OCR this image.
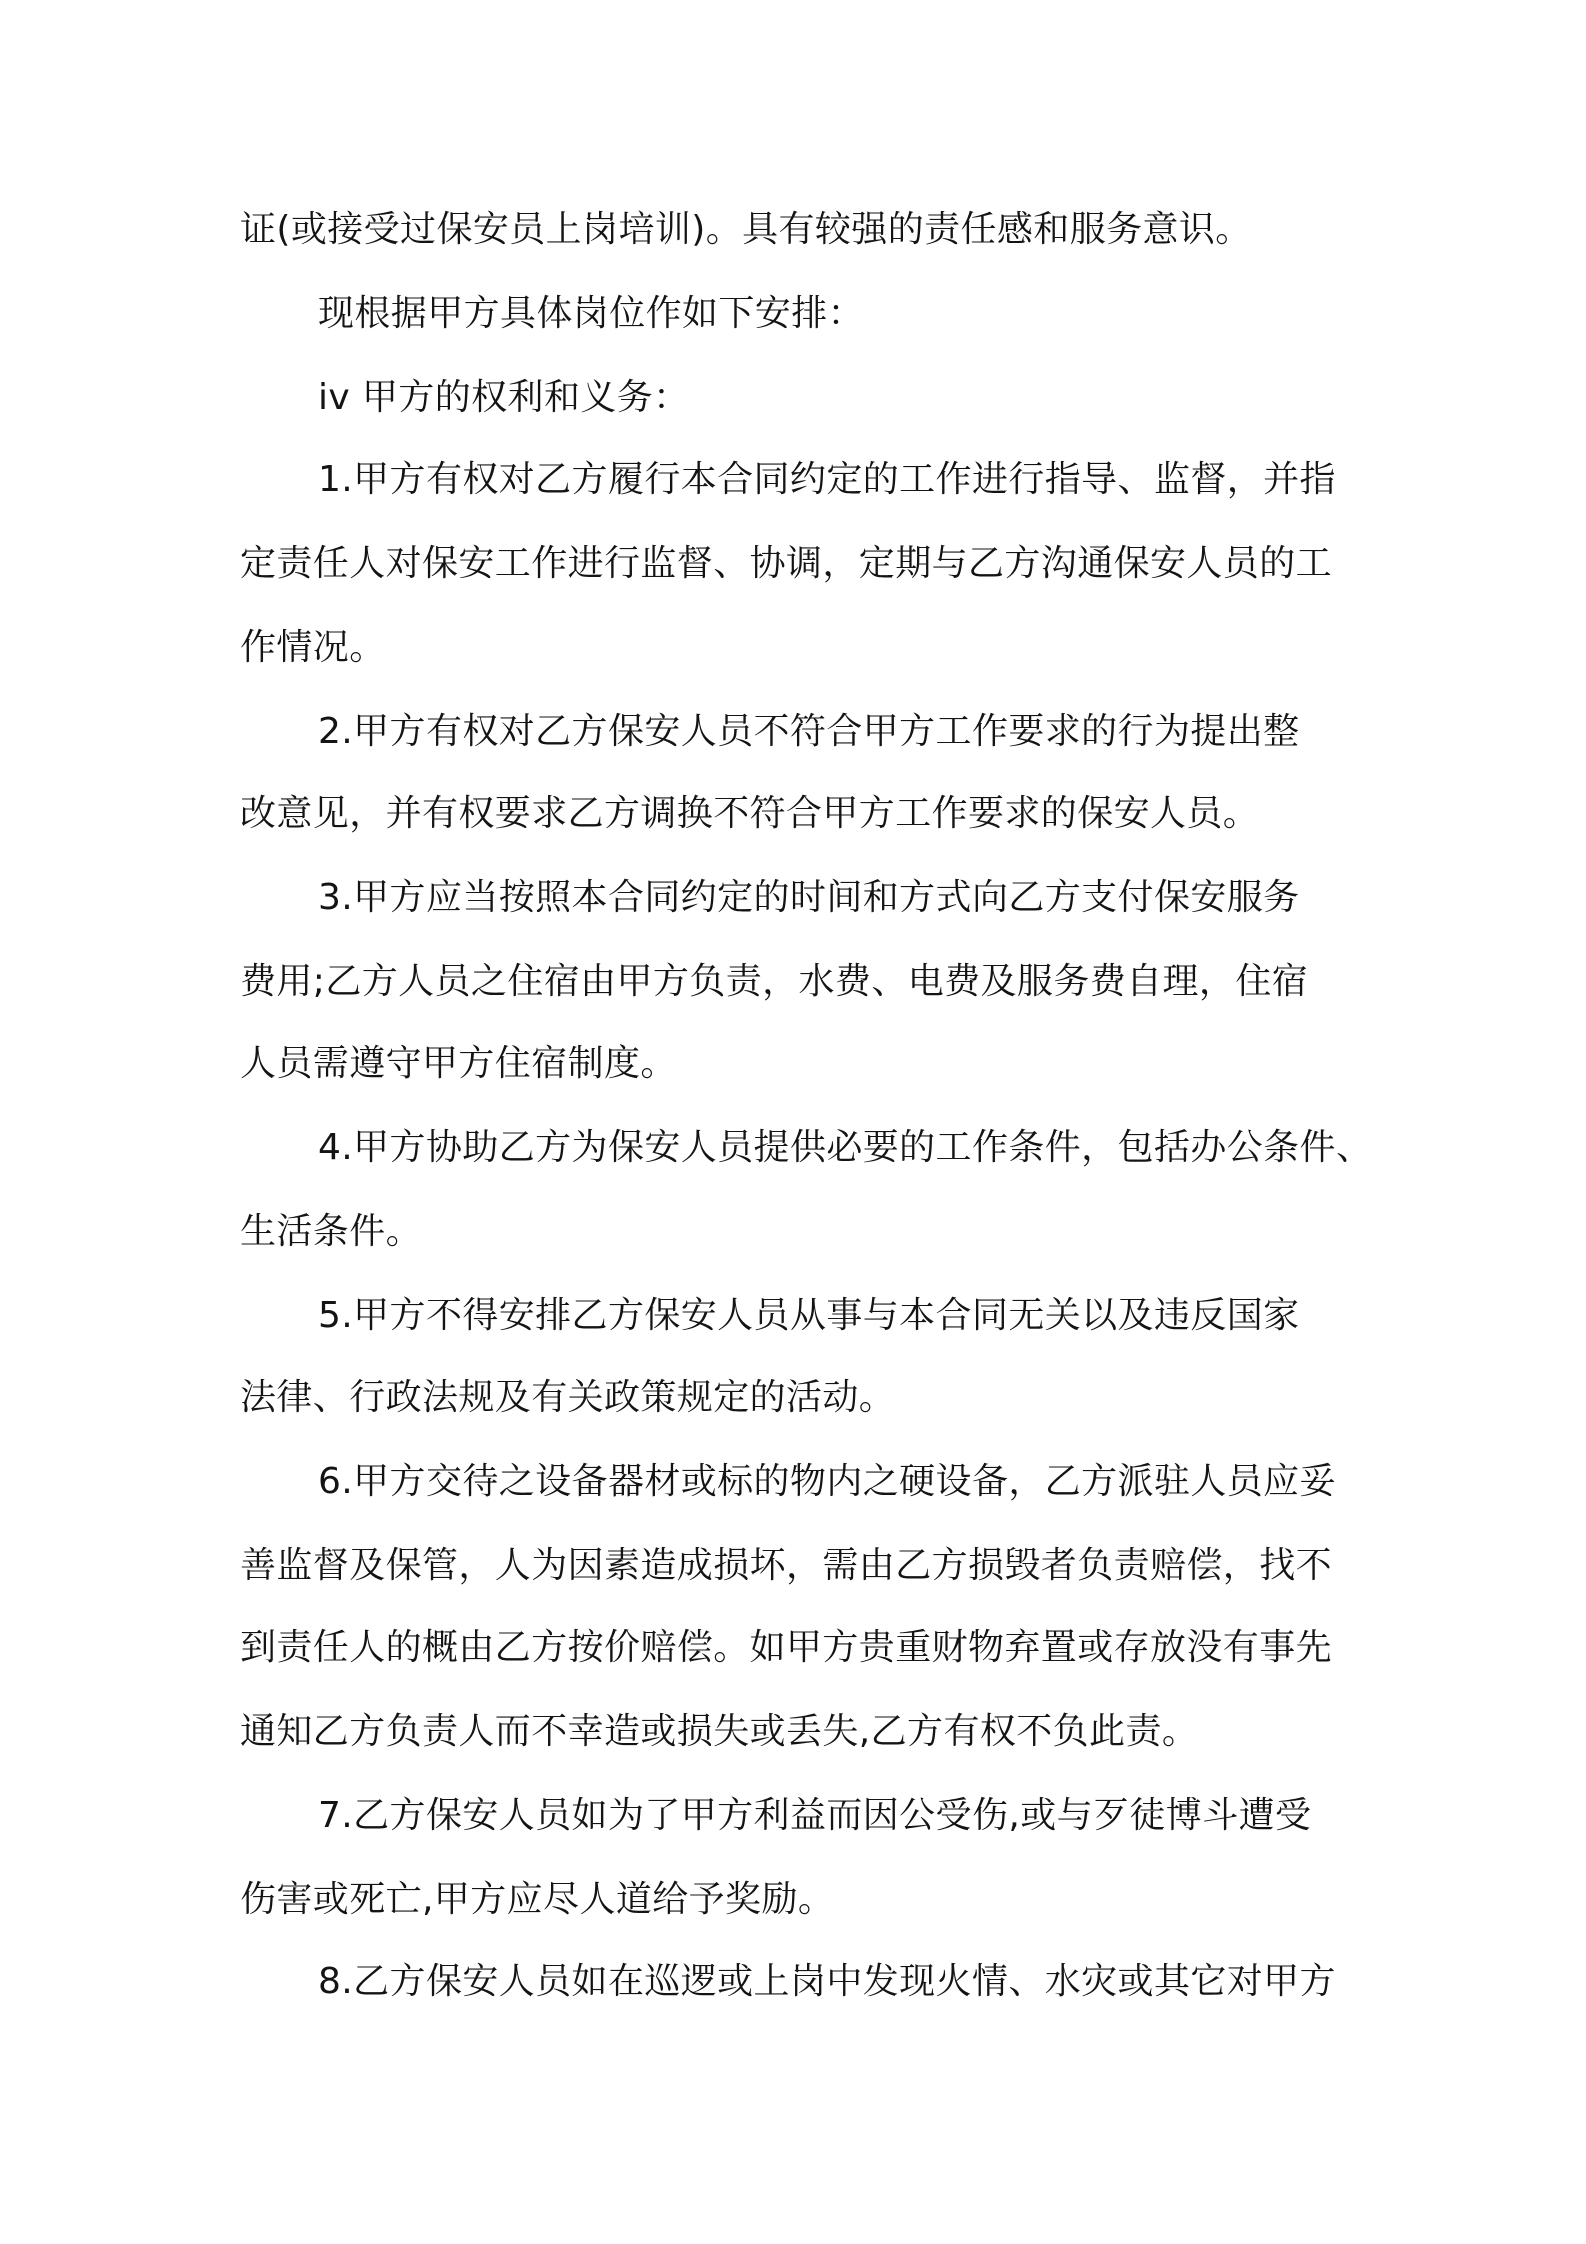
证(或接受过保安员上岗培训)。具有较强的责任感和服务意识。

现根据甲方具体岗位作如下安排：

iv 甲方的权利和义务：

1.甲方有权对乙方履行本合同约定的工作进行指导、监督，并指

定责任人对保安工作进行监督、协调，定期与乙方沟通保安人员的工

作情况。

2.甲方有权对乙方保安人员不符合甲方工作要求的行为提出整

改意见，并有权要求乙方调换不符合甲方工作要求的保安人员。

3.甲方应当按照本合同约定的时间和方式向乙方支付保安服务

费用;乙方人员之住宿由甲方负责，水费、电费及服务费自理，住宿

人员需遵守甲方住宿制度。

4.甲方协助乙方为保安人员提供必要的工作条件，包括办公条件、

生活条件。

5.甲方不得安排乙方保安人员从事与本合同无关以及违反国家

法律、行政法规及有关政策规定的活动。

6.甲方交待之设备器材或标的物内之硬设备，乙方派驻人员应妥

善监督及保管，人为因素造成损坏，需由乙方损毁者负责赔偿，找不

到责任人的概由乙方按价赔偿。如甲方贵重财物弃置或存放没有事先

通知乙方负责人而不幸造或损失或丢失,乙方有权不负此责。

7.乙方保安人员如为了甲方利益而因公受伤,或与歹徒博斗遭受

伤害或死亡,甲方应尽人道给予奖励。

8.乙方保安人员如在巡逻或上岗中发现火情、水灾或其它对甲方
